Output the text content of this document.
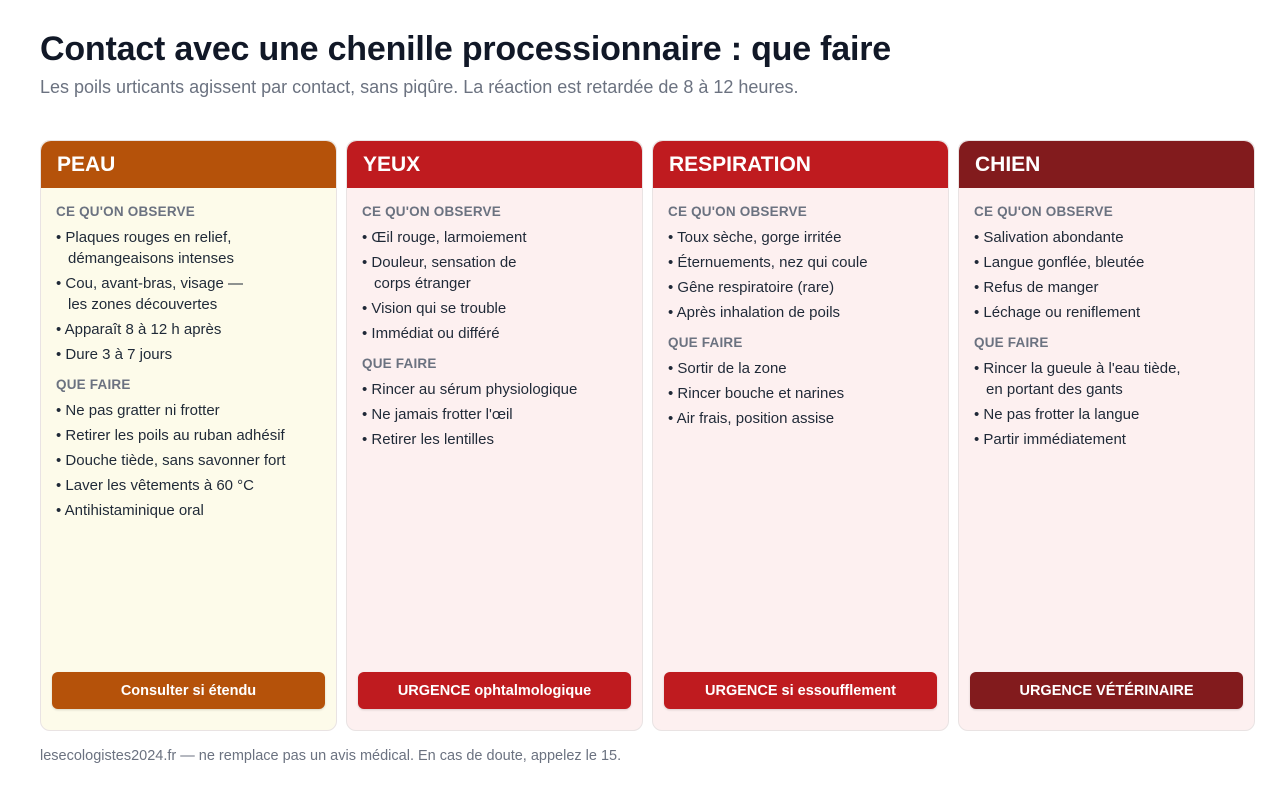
Contact avec une chenille processionnaire : que faire

Les poils urticants agissent par contact, sans piqûre. La réaction est retardée de 8 à 12 heures.

PEAU
CE QU'ON OBSERVE
• Plaques rouges en relief,
démangeaisons intenses
• Cou, avant-bras, visage —
les zones découvertes
• Apparaît 8 à 12 h après
• Dure 3 à 7 jours
QUE FAIRE
• Ne pas gratter ni frotter
• Retirer les poils au ruban adhésif
• Douche tiède, sans savonner fort
• Laver les vêtements à 60 °C
• Antihistaminique oral
Consulter si étendu
YEUX
CE QU'ON OBSERVE
• Œil rouge, larmoiement
• Douleur, sensation de
corps étranger
• Vision qui se trouble
• Immédiat ou différé
QUE FAIRE
• Rincer au sérum physiologique
• Ne jamais frotter l'œil
• Retirer les lentilles
URGENCE ophtalmologique
RESPIRATION
CE QU'ON OBSERVE
• Toux sèche, gorge irritée
• Éternuements, nez qui coule
• Gêne respiratoire (rare)
• Après inhalation de poils
QUE FAIRE
• Sortir de la zone
• Rincer bouche et narines
• Air frais, position assise
URGENCE si essoufflement
CHIEN
CE QU'ON OBSERVE
• Salivation abondante
• Langue gonflée, bleutée
• Refus de manger
• Léchage ou reniflement
QUE FAIRE
• Rincer la gueule à l'eau tiède,
en portant des gants
• Ne pas frotter la langue
• Partir immédiatement
URGENCE VÉTÉRINAIRE

lesecologistes2024.fr — ne remplace pas un avis médical. En cas de doute, appelez le 15.
